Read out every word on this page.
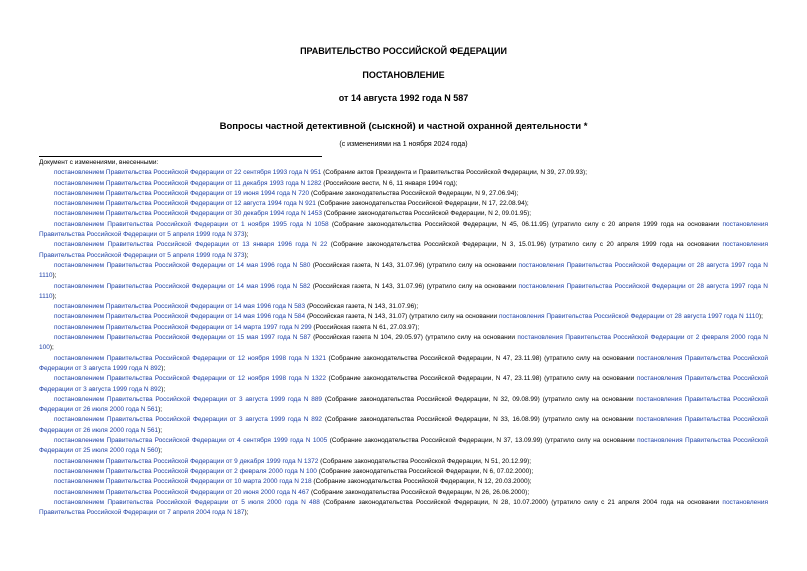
ПРАВИТЕЛЬСТВО РОССИЙСКОЙ ФЕДЕРАЦИИ
ПОСТАНОВЛЕНИЕ
от 14 августа 1992 года N 587
Вопросы частной детективной (сыскной) и частной охранной деятельности *
(с изменениями на 1 ноября 2024 года)
Документ с изменениями, внесенными:
постановлением Правительства Российской Федерации от 22 сентября 1993 года N 951 (Собрание актов Президента и Правительства Российской Федерации, N 39, 27.09.93);
постановлением Правительства Российской Федерации от 11 декабря 1993 года N 1282 (Российские вести, N 6, 11 января 1994 год);
постановлением Правительства Российской Федерации от 19 июня 1994 года N 720 (Собрание законодательства Российской Федерации, N 9, 27.06.94);
постановлением Правительства Российской Федерации от 12 августа 1994 года N 921 (Собрание законодательства Российской Федерации, N 17, 22.08.94);
постановлением Правительства Российской Федерации от 30 декабря 1994 года N 1453 (Собрание законодательства Российской Федерации, N 2, 09.01.95);
постановлением Правительства Российской Федерации от 1 ноября 1995 года N 1058 (Собрание законодательства Российской Федерации, N 45, 06.11.95) (утратило силу с 20 апреля 1999 года на основании постановления Правительства Российской Федерации от 5 апреля 1999 года N 373);
постановлением Правительства Российской Федерации от 13 января 1996 года N 22 (Собрание законодательства Российской Федерации, N 3, 15.01.96) (утратило силу с 20 апреля 1999 года на основании постановления Правительства Российской Федерации от 5 апреля 1999 года N 373);
постановлением Правительства Российской Федерации от 14 мая 1996 года N 580 (Российская газета, N 143, 31.07.96) (утратило силу на основании постановления Правительства Российской Федерации от 28 августа 1997 года N 1110);
постановлением Правительства Российской Федерации от 14 мая 1996 года N 582 (Российская газета, N 143, 31.07.96) (утратило силу на основании постановления Правительства Российской Федерации от 28 августа 1997 года N 1110);
постановлением Правительства Российской Федерации от 14 мая 1996 года N 583 (Российская газета, N 143, 31.07.96);
постановлением Правительства Российской Федерации от 14 мая 1996 года N 584 (Российская газета, N 143, 31.07) (утратило силу на основании постановления Правительства Российской Федерации от 28 августа 1997 года N 1110);
постановлением Правительства Российской Федерации от 14 марта 1997 года N 299 (Российская газета N 61, 27.03.97);
постановлением Правительства Российской Федерации от 15 мая 1997 года N 587 (Российская газета N 104, 29.05.97) (утратило силу на основании постановления Правительства Российской Федерации от 2 февраля 2000 года N 100);
постановлением Правительства Российской Федерации от 12 ноября 1998 года N 1321 (Собрание законодательства Российской Федерации, N 47, 23.11.98) (утратило силу на основании постановления Правительства Российской Федерации от 3 августа 1999 года N 892);
постановлением Правительства Российской Федерации от 12 ноября 1998 года N 1322 (Собрание законодательства Российской Федерации, N 47, 23.11.98) (утратило силу на основании постановления Правительства Российской Федерации от 3 августа 1999 года N 892);
постановлением Правительства Российской Федерации от 3 августа 1999 года N 889 (Собрание законодательства Российской Федерации, N 32, 09.08.99) (утратило силу на основании постановления Правительства Российской Федерации от 26 июля 2000 года N 561);
постановлением Правительства Российской Федерации от 3 августа 1999 года N 892 (Собрание законодательства Российской Федерации, N 33, 16.08.99) (утратило силу на основании постановления Правительства Российской Федерации от 26 июля 2000 года N 561);
постановлением Правительства Российской Федерации от 4 сентября 1999 года N 1005 (Собрание законодательства Российской Федерации, N 37, 13.09.99) (утратило силу на основании постановления Правительства Российской Федерации от 25 июля 2000 года N 560);
постановлением Правительства Российской Федерации от 9 декабря 1999 года N 1372 (Собрание законодательства Российской Федерации, N 51, 20.12.99);
постановлением Правительства Российской Федерации от 2 февраля 2000 года N 100 (Собрание законодательства Российской Федерации, N 6, 07.02.2000);
постановлением Правительства Российской Федерации от 10 марта 2000 года N 218 (Собрание законодательства Российской Федерации, N 12, 20.03.2000);
постановлением Правительства Российской Федерации от 20 июня 2000 года N 467 (Собрание законодательства Российской Федерации, N 26, 26.06.2000);
постановлением Правительства Российской Федерации от 5 июля 2000 года N 488 (Собрание законодательства Российской Федерации, N 28, 10.07.2000) (утратило силу с 21 апреля 2004 года на основании постановления Правительства Российской Федерации от 7 апреля 2004 года N 187);
